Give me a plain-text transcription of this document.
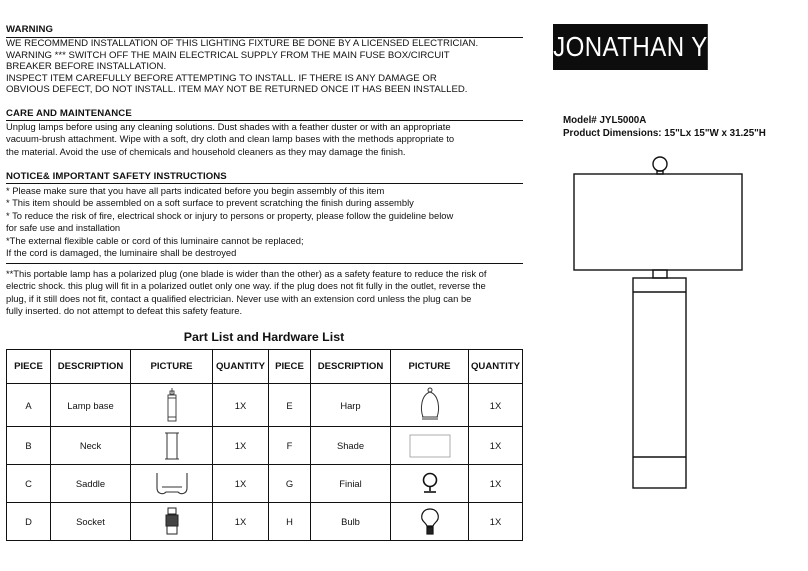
WARNING
WE RECOMMEND INSTALLATION OF THIS LIGHTING FIXTURE BE DONE BY A LICENSED ELECTRICIAN.
WARNING *** SWITCH OFF THE MAIN ELECTRICAL SUPPLY FROM THE MAIN FUSE BOX/CIRCUIT
BREAKER BEFORE INSTALLATION.
INSPECT ITEM CAREFULLY BEFORE ATTEMPTING TO INSTALL. IF THERE IS ANY DAMAGE OR
OBVIOUS DEFECT, DO NOT INSTALL. ITEM MAY NOT BE RETURNED ONCE IT HAS BEEN INSTALLED.
CARE AND MAINTENANCE
Unplug lamps before using any cleaning solutions. Dust shades with a feather duster or with an appropriate
vacuum-brush attachment. Wipe with a soft, dry cloth and clean lamp bases with the methods appropriate to
the material. Avoid the use of chemicals and household cleaners as they may damage the finish.
NOTICE& IMPORTANT SAFETY INSTRUCTIONS
* Please make sure that you have all parts indicated before you begin assembly of this item
* This item should be assembled on a soft surface to prevent scratching the finish during assembly
* To reduce the risk of fire, electrical shock or injury to persons or property, please follow the guideline below
for safe use and installation
*The external flexible cable or cord of this luminaire cannot be replaced;
If the cord is damaged, the luminaire shall be destroyed
**This portable lamp has a polarized plug (one blade is wider than the other) as a safety feature to reduce the risk of
electric shock. this plug will fit in a polarized outlet only one way. if the plug does not fit fully in the outlet, reverse the
plug, if it still does not fit, contact a qualified electrician. Never use with an extension cord unless the plug can be
fully inserted. do not attempt to defeat this safety feature.
JONATHAN Y
Model# JYL5000A
Product Dimensions: 15"Lx 15"W x 31.25"H
Part List and Hardware List
PIECE	DESCRIPTION	PICTURE	QUANTITY	PIECE	DESCRIPTION	PICTURE	QUANTITY
A	Lamp base		1X	E	Harp		1X
B	Neck		1X	F	Shade		1X
C	Saddle		1X	G	Finial		1X
D	Socket		1X	H	Bulb		1X
